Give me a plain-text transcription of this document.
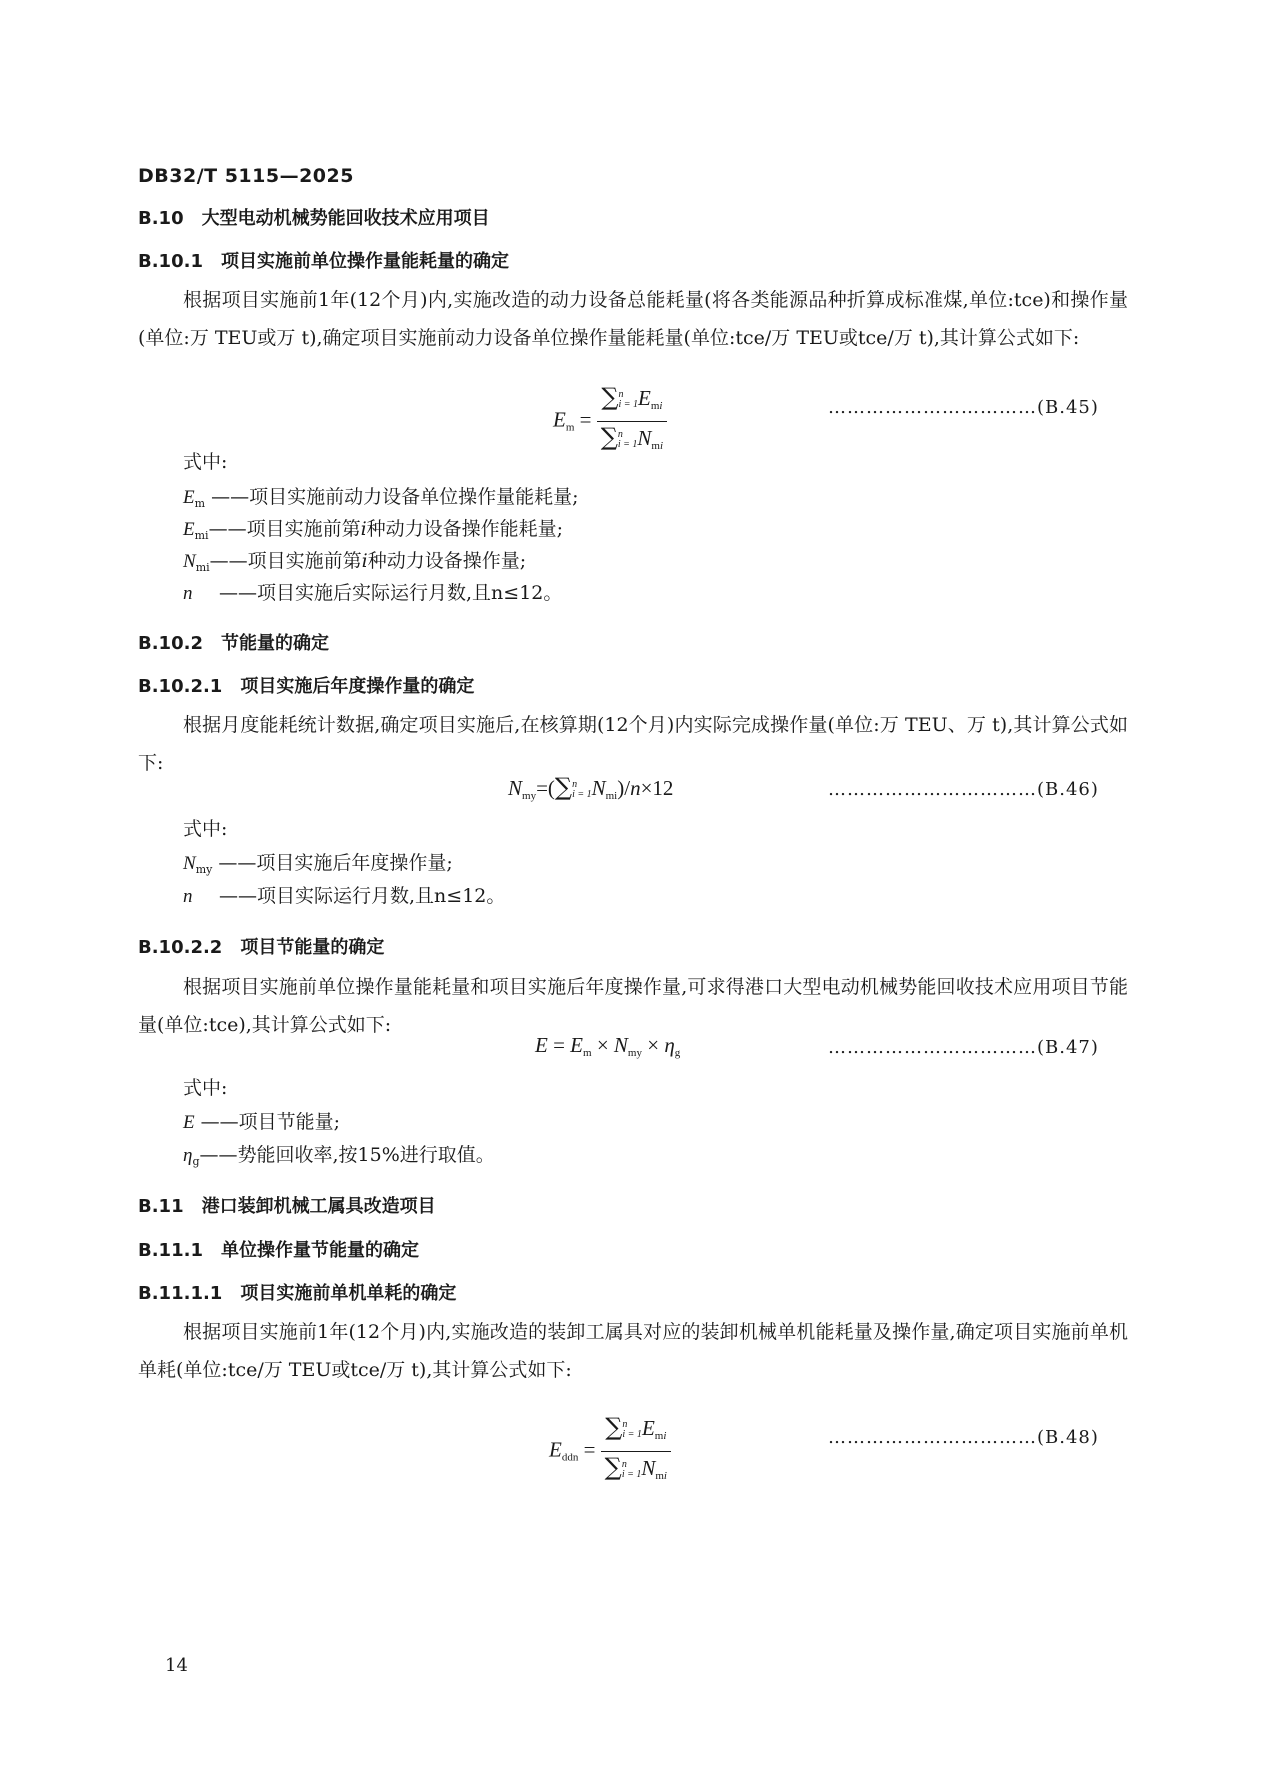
DB32/T 5115—2025
B.10 大型电动机械势能回收技术应用项目
B.10.1 项目实施前单位操作量能耗量的确定
根据项目实施前1年(12个月)内,实施改造的动力设备总能耗量(将各类能源品种折算成标准煤,单位:tce)和操作量(单位:万 TEU或万 t),确定项目实施前动力设备单位操作量能耗量(单位:tce/万 TEU或tce/万 t),其计算公式如下:
$E_m$ = ∑ n
i = 1 $E_mi$
∑ n
i = 1 $N_mi$	……………………………(B.45)
式中:
$E_m$ ——项目实施前动力设备单位操作量能耗量;
$E_{mi}——$项目实施前第i种动力设备操作能耗量;
$N_{mi}——$项目实施前第i种动力设备操作量;
n ——项目实施后实际运行月数,且n≤12。
B.10.2 节能量的确定
B.10.2.1 项目实施后年度操作量的确定
根据月度能耗统计数据,确定项目实施后,在核算期(12个月)内实际完成操作量(单位:万 TEU、万 t),其计算公式如下:
$N_{my}=(\sum$ n
i = 1 $N_{mi})/n\times 12$	……………………………(B.46)
式中:
$N_{my}$ ——项目实施后年度操作量;
n ——项目实际运行月数,且n≤12。
B.10.2.2 项目节能量的确定
根据项目实施前单位操作量能耗量和项目实施后年度操作量,可求得港口大型电动机械势能回收技术应用项目节能量(单位:tce),其计算公式如下:
$E = E_m \times N_{my} \times \eta_g$	……………………………(B.47)
式中:
E ——项目节能量;
$\eta_g——$势能回收率,按15%进行取值。
B.11 港口装卸机械工属具改造项目
B.11.1 单位操作量节能量的确定
B.11.1.1 项目实施前单机单耗的确定
根据项目实施前1年(12个月)内,实施改造的装卸工属具对应的装卸机械单机能耗量及操作量,确定项目实施前单机单耗(单位:tce/万 TEU或tce/万 t),其计算公式如下:
$E_{ddn}$ = ∑ n
i = 1 $E_mi$
∑ n
i = 1 $N_mi$	……………………………(B.48)
14
